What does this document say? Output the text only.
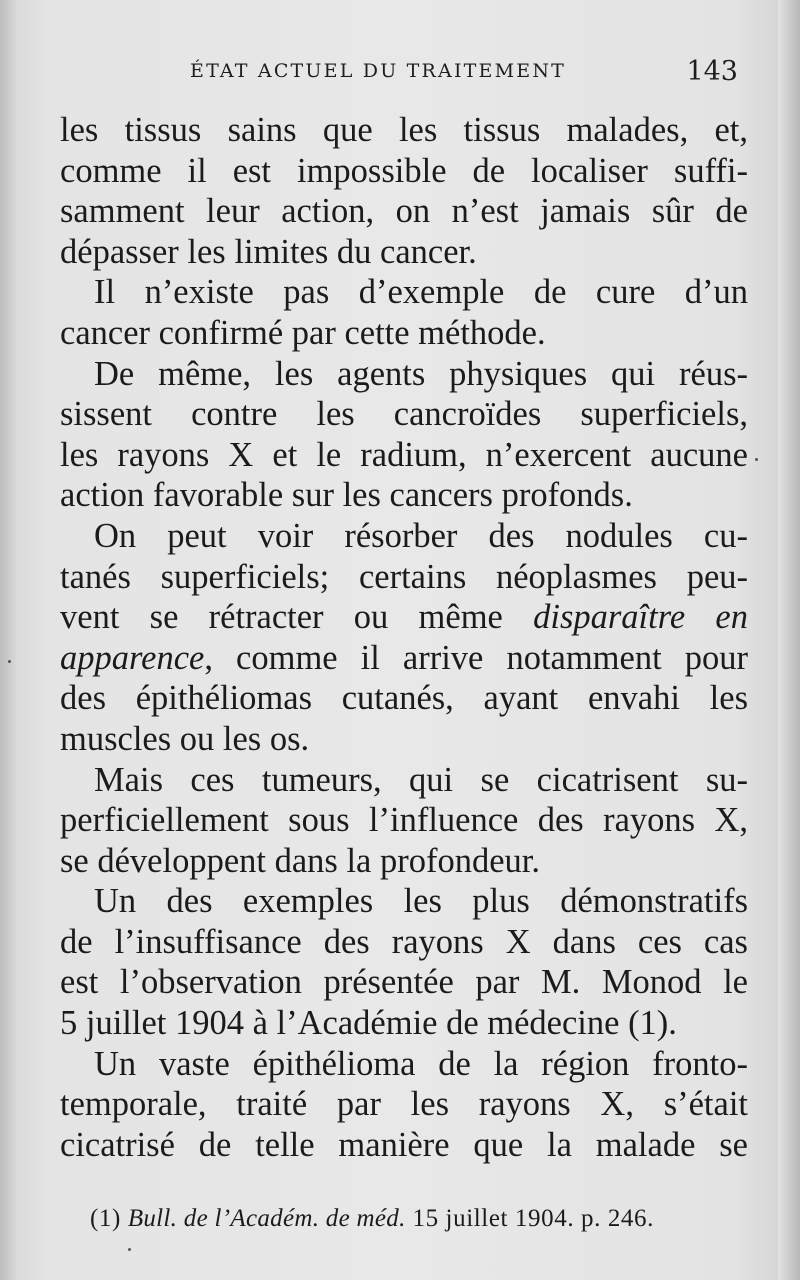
ÉTAT ACTUEL DU TRAITEMENT	143
les tissus sains que les tissus malades, et,
comme il est impossible de localiser suffi-
samment leur action, on n’est jamais sûr de
dépasser les limites du cancer.
Il n’existe pas d’exemple de cure d’un
cancer confirmé par cette méthode.
De même, les agents physiques qui réus-
sissent contre les cancroïdes superficiels,
les rayons X et le radium, n’exercent aucune
action favorable sur les cancers profonds.
On peut voir résorber des nodules cu-
tanés superficiels; certains néoplasmes peu-
vent se rétracter ou même disparaître en
apparence, comme il arrive notamment pour
des épithéliomas cutanés, ayant envahi les
muscles ou les os.
Mais ces tumeurs, qui se cicatrisent su-
perficiellement sous l’influence des rayons X,
se développent dans la profondeur.
Un des exemples les plus démonstratifs
de l’insuffisance des rayons X dans ces cas
est l’observation présentée par M. Monod le
5 juillet 1904 à l’Académie de médecine (1).
Un vaste épithélioma de la région fronto-
temporale, traité par les rayons X, s’était
cicatrisé de telle manière que la malade se
(1) Bull. de l’Académ. de méd. 15 juillet 1904. p. 246.
